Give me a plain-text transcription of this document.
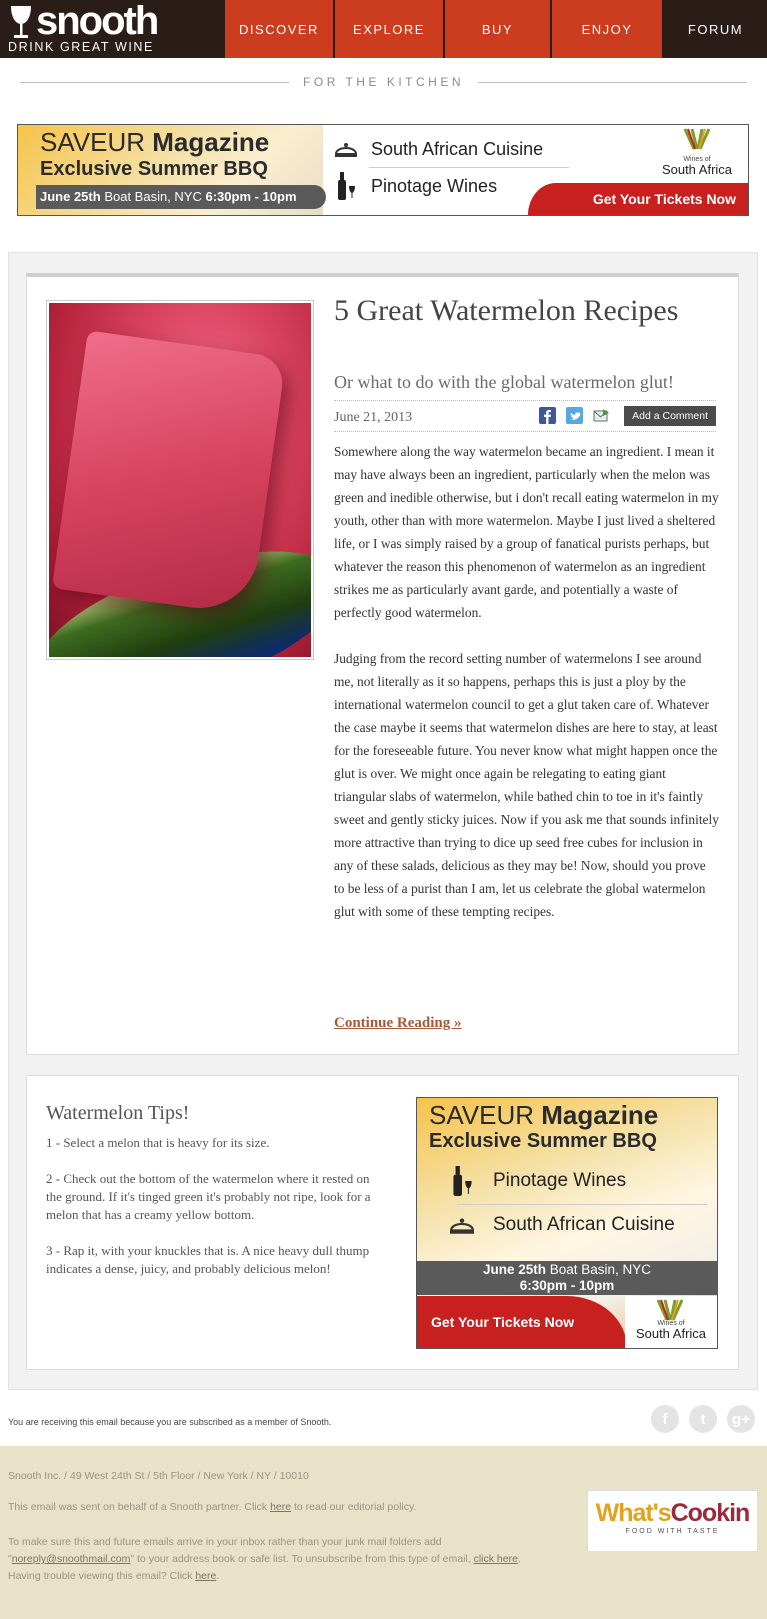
snooth
DRINK GREAT WINE
DISCOVER	EXPLORE	BUY	ENJOY	FORUM
FOR THE KITCHEN
SAVEUR Magazine
Exclusive Summer BBQ
June 25th Boat Basin, NYC 6:30pm - 10pm
South African Cuisine
Pinotage Wines
Wines of
South Africa
Get Your Tickets Now
5 Great Watermelon Recipes
Or what to do with the global watermelon glut!
June 21, 2013	Add a Comment

Somewhere along the way watermelon became an ingredient. I mean it may have always been an ingredient, particularly when the melon was green and inedible otherwise, but i don't recall eating watermelon in my youth, other than with more watermelon. Maybe I just lived a sheltered life, or I was simply raised by a group of fanatical purists perhaps, but whatever the reason this phenomenon of watermelon as an ingredient strikes me as particularly avant garde, and potentially a waste of perfectly good watermelon.

Judging from the record setting number of watermelons I see around me, not literally as it so happens, perhaps this is just a ploy by the international watermelon council to get a glut taken care of. Whatever the case maybe it seems that watermelon dishes are here to stay, at least for the foreseeable future. You never know what might happen once the glut is over. We might once again be relegating to eating giant triangular slabs of watermelon, while bathed chin to toe in it's faintly sweet and gently sticky juices. Now if you ask me that sounds infinitely more attractive than trying to dice up seed free cubes for inclusion in any of these salads, delicious as they may be! Now, should you prove to be less of a purist than I am, let us celebrate the global watermelon glut with some of these tempting recipes.

Continue Reading »
Watermelon Tips!

1 - Select a melon that is heavy for its size.

2 - Check out the bottom of the watermelon where it rested on the ground. If it's tinged green it's probably not ripe, look for a melon that has a creamy yellow bottom.

3 - Rap it, with your knuckles that is. A nice heavy dull thump indicates a dense, juicy, and probably delicious melon!

SAVEUR Magazine
Exclusive Summer BBQ
Pinotage Wines
South African Cuisine
June 25th Boat Basin, NYC
6:30pm - 10pm
Get Your Tickets Now	Wines of
South Africa
You are receiving this email because you are subscribed as a member of Snooth.	f	t	g+
Snooth Inc. / 49 West 24th St / 5th Floor / New York / NY / 10010
This email was sent on behalf of a Snooth partner. Click here to read our editorial policy.
To make sure this and future emails arrive in your inbox rather than your junk mail folders add "noreply@snoothmail.com" to your address book or safe list. To unsubscribe from this type of email, click here. Having trouble viewing this email? Click here.
What'sCookin
FOOD WITH TASTE
